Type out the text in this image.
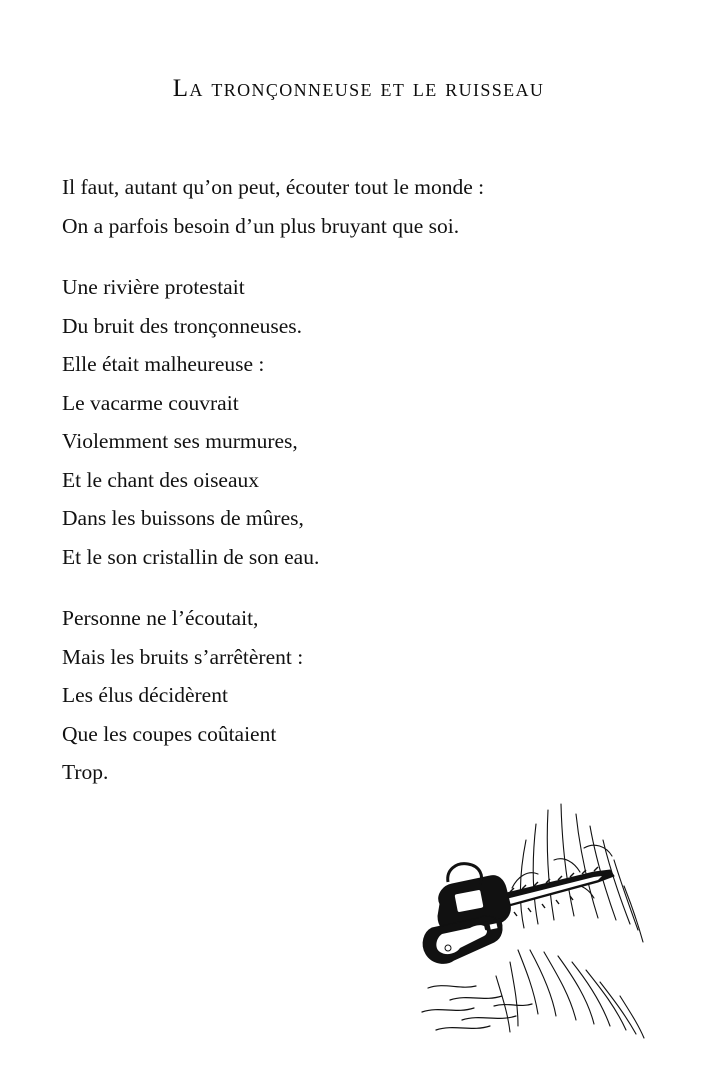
La tronçonneuse et le ruisseau

Il faut, autant qu’on peut, écouter tout le monde :
On a parfois besoin d’un plus bruyant que soi.

Une rivière protestait
Du bruit des tronçonneuses.
Elle était malheureuse :
Le vacarme couvrait
Violemment ses murmures,
Et le chant des oiseaux
Dans les buissons de mûres,
Et le son cristallin de son eau.

Personne ne l’écoutait,
Mais les bruits s’arrêtèrent :
Les élus décidèrent
Que les coupes coûtaient
Trop.
